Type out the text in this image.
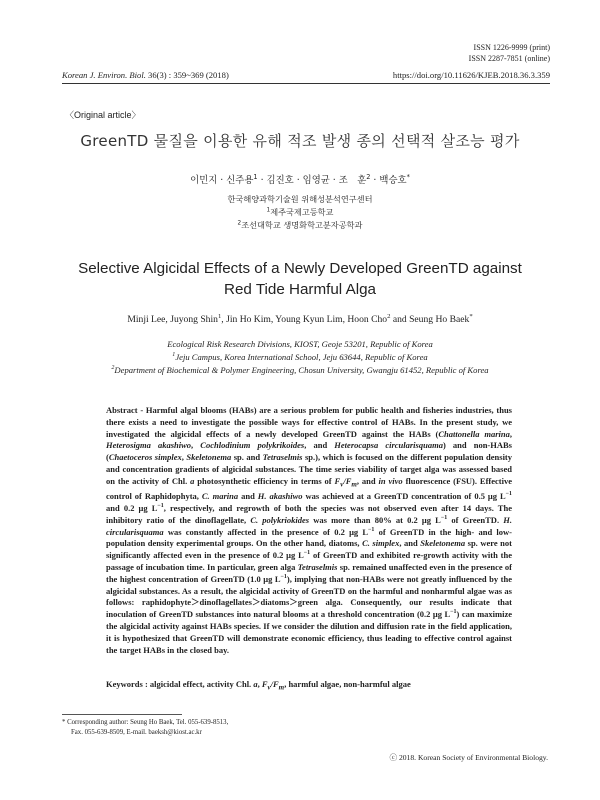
ISSN 1226-9999 (print)
ISSN 2287-7851 (online)
Korean J. Environ. Biol. 36(3) : 359~369 (2018)	https://doi.org/10.11626/KJEB.2018.36.3.359
〈Original article〉
GreenTD 물질을 이용한 유해 적조 발생 종의 선택적 살조능 평가
이민지 · 신주용$^1$ · 김진호 · 임영균 · 조　훈$^2$ · 백승호*
한국해양과학기술원 위해성분석연구센터
$^1$제주국제고등학교
$^2$조선대학교 생명화학고분자공학과
Selective Algicidal Effects of a Newly Developed GreenTD against
Red Tide Harmful Alga
Minji Lee, Juyong Shin$^1$, Jin Ho Kim, Young Kyun Lim, Hoon Cho$^2$ and Seung Ho Baek*
Ecological Risk Research Divisions, KIOST, Geoje 53201, Republic of Korea
$^1$Jeju Campus, Korea International School, Jeju 63644, Republic of Korea
$^2$Department of Biochemical & Polymer Engineering, Chosun University, Gwangju 61452, Republic of Korea
Abstract - Harmful algal blooms (HABs) are a serious problem for public health and fisheries industries, thus there exists a need to investigate the possible ways for effective control of HABs. In the present study, we investigated the algicidal effects of a newly developed GreenTD against the HABs (Chattonella marina, Heterosigma akashiwo, Cochlodinium polykrikoides, and Heterocapsa circularisquama) and non-HABs (Chaetoceros simplex, Skeletonema sp. and Tetraselmis sp.), which is focused on the different population density and concentration gradients of algicidal substances. The time series viability of target alga was assessed based on the activity of Chl. a photosynthetic efficiency in terms of $F_v/F_m$, and in vivo fluorescence (FSU). Effective control of Raphidophyta, C. marina and H. akashiwo was achieved at a GreenTD concentration of 0.5 μg $L^{-1}$ and 0.2 μg $L^{-1}$, respectively, and regrowth of both the species was not observed even after 14 days. The inhibitory ratio of the dinoflagellate, C. polykriokides was more than 80% at 0.2 μg $L^{-1}$ of GreenTD. H. circularisquama was constantly affected in the presence of 0.2 μg $L^{-1}$ of GreenTD in the high- and low-population density experimental groups. On the other hand, diatoms, C. simplex, and Skeletonema sp. were not significantly affected even in the presence of 0.2 μg $L^{-1}$ of GreenTD and exhibited re-growth activity with the passage of incubation time. In particular, green alga Tetraselmis sp. remained unaffected even in the presence of the highest concentration of GreenTD (1.0 μg $L^{-1}$), implying that non-HABs were not greatly influenced by the algicidal substances. As a result, the algicidal activity of GreenTD on the harmful and nonharmful algae was as follows: raphidophyte＞dinoflagellates＞diatoms＞green alga. Consequently, our results indicate that inoculation of GreenTD substances into natural blooms at a threshold concentration (0.2 μg $L^{-1}$) can maximize the algicidal activity against HABs species. If we consider the dilution and diffusion rate in the field application, it is hypothesized that GreenTD will demonstrate economic efficiency, thus leading to effective control against the target HABs in the closed bay.
Keywords : algicidal effect, activity Chl. a, $F_v/F_m$, harmful algae, non-harmful algae
* Corresponding author: Seung Ho Baek, Tel. 055-639-8513,
Fax. 055-639-8509, E-mail. baeksh@kiost.ac.kr
ⓒ 2018. Korean Society of Environmental Biology.
